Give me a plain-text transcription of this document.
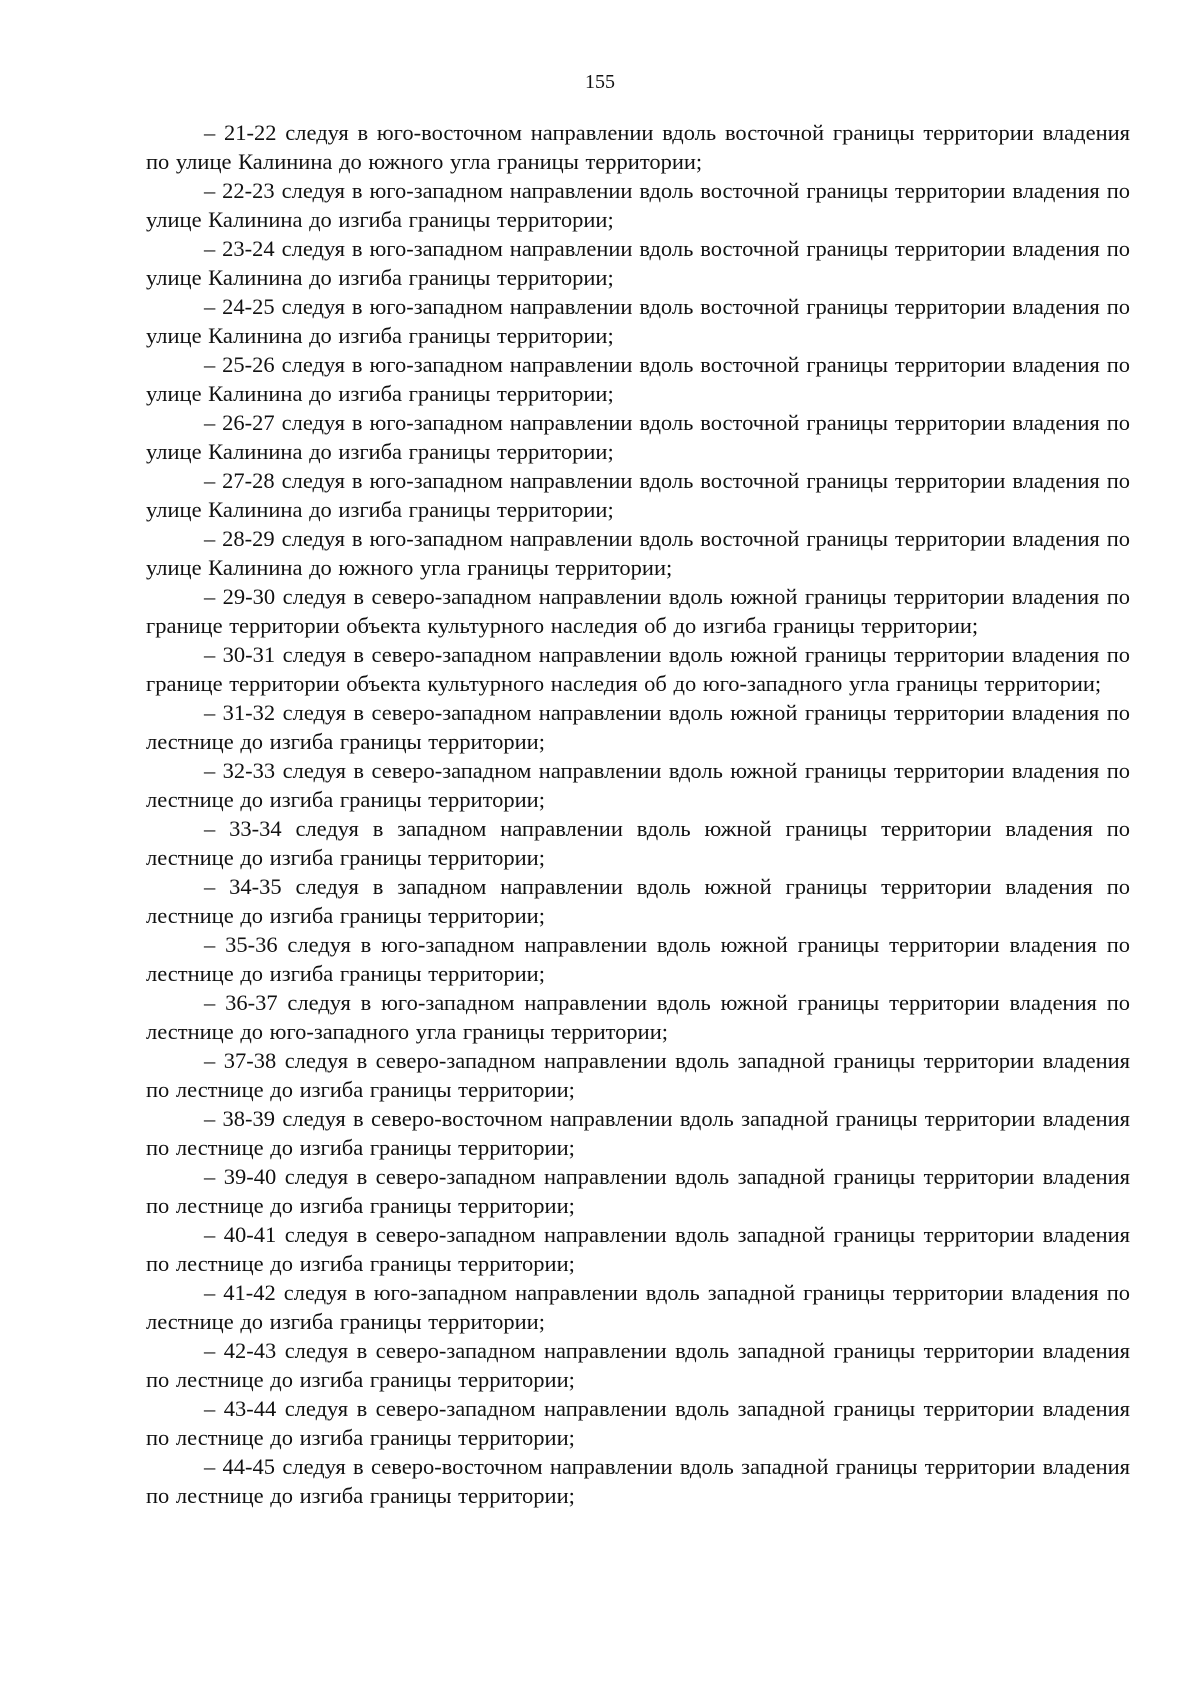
155

– 21-22 следуя в юго-восточном направлении вдоль восточной границы территории владения по улице Калинина до южного угла границы территории;

– 22-23 следуя в юго-западном направлении вдоль восточной границы территории владения по улице Калинина до изгиба границы территории;

– 23-24 следуя в юго-западном направлении вдоль восточной границы территории владения по улице Калинина до изгиба границы территории;

– 24-25 следуя в юго-западном направлении вдоль восточной границы территории владения по улице Калинина до изгиба границы территории;

– 25-26 следуя в юго-западном направлении вдоль восточной границы территории владения по улице Калинина до изгиба границы территории;

– 26-27 следуя в юго-западном направлении вдоль восточной границы территории владения по улице Калинина до изгиба границы территории;

– 27-28 следуя в юго-западном направлении вдоль восточной границы территории владения по улице Калинина до изгиба границы территории;

– 28-29 следуя в юго-западном направлении вдоль восточной границы территории владения по улице Калинина до южного угла границы территории;

– 29-30 следуя в северо-западном направлении вдоль южной границы территории владения по границе территории объекта культурного наследия об до изгиба границы территории;

– 30-31 следуя в северо-западном направлении вдоль южной границы территории владения по границе территории объекта культурного наследия об до юго-западного угла границы территории;

– 31-32 следуя в северо-западном направлении вдоль южной границы территории владения по лестнице до изгиба границы территории;

– 32-33 следуя в северо-западном направлении вдоль южной границы территории владения по лестнице до изгиба границы территории;

– 33-34 следуя в западном направлении вдоль южной границы территории владения по лестнице до изгиба границы территории;

– 34-35 следуя в западном направлении вдоль южной границы территории владения по лестнице до изгиба границы территории;

– 35-36 следуя в юго-западном направлении вдоль южной границы территории владения по лестнице до изгиба границы территории;

– 36-37 следуя в юго-западном направлении вдоль южной границы территории владения по лестнице до юго-западного угла границы территории;

– 37-38 следуя в северо-западном направлении вдоль западной границы территории владения по лестнице до изгиба границы территории;

– 38-39 следуя в северо-восточном направлении вдоль западной границы территории владения по лестнице до изгиба границы территории;

– 39-40 следуя в северо-западном направлении вдоль западной границы территории владения по лестнице до изгиба границы территории;

– 40-41 следуя в северо-западном направлении вдоль западной границы территории владения по лестнице до изгиба границы территории;

– 41-42 следуя в юго-западном направлении вдоль западной границы территории владения по лестнице до изгиба границы территории;

– 42-43 следуя в северо-западном направлении вдоль западной границы территории владения по лестнице до изгиба границы территории;

– 43-44 следуя в северо-западном направлении вдоль западной границы территории владения по лестнице до изгиба границы территории;

– 44-45 следуя в северо-восточном направлении вдоль западной границы территории владения по лестнице до изгиба границы территории;
